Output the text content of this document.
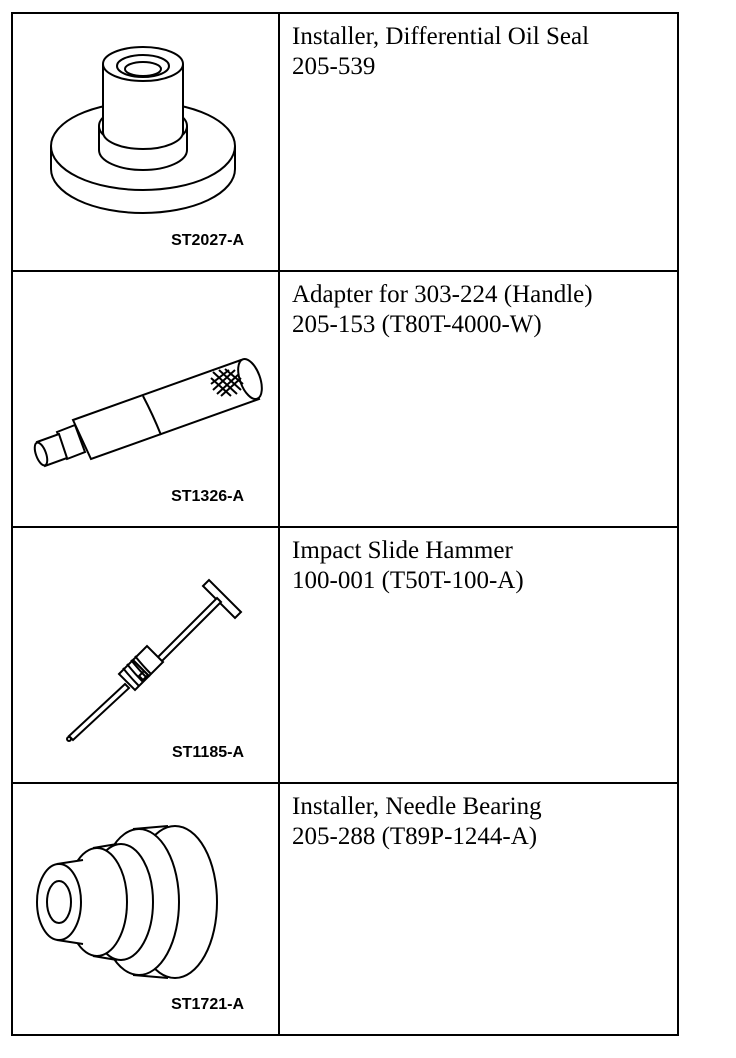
ST2027-A
Installer, Differential Oil Seal
205-539
ST1326-A
Adapter for 303-224 (Handle)
205-153 (T80T-4000-W)
ST1185-A
Impact Slide Hammer
100-001 (T50T-100-A)
ST1721-A
Installer, Needle Bearing
205-288 (T89P-1244-A)
